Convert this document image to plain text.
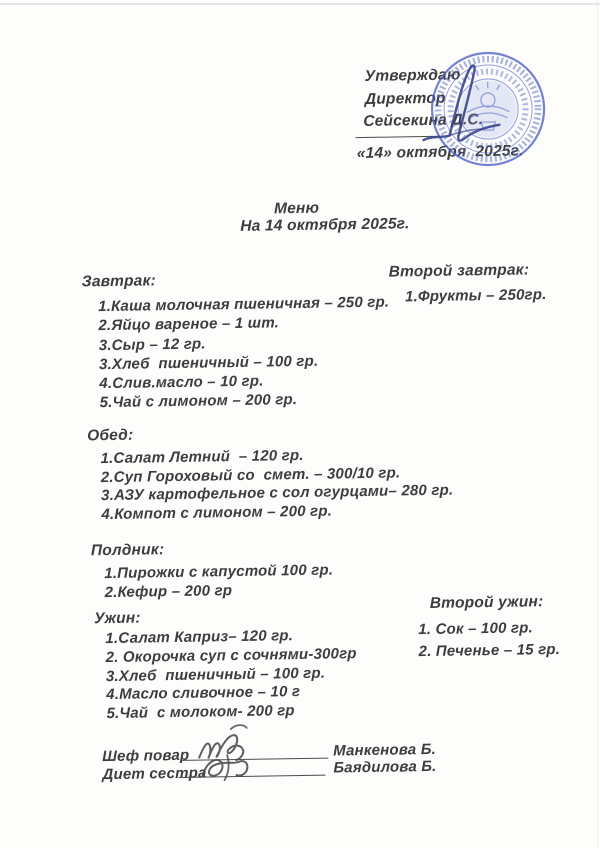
Утверждаю
Директор
Сейсекина Д.С.
«14» октября  2025г.
Меню
На 14 октября 2025г.
Завтрак:
1.Каша молочная пшеничная – 250 гр.
2.Яйцо вареное – 1 шт.
3.Сыр – 12 гр.
3.Хлеб  пшеничный – 100 гр.
4.Слив.масло – 10 гр.
5.Чай с лимоном – 200 гр.
Второй завтрак:
1.Фрукты – 250гр.
Обед:
1.Салат Летний  – 120 гр.
2.Суп Гороховый со  смет. – 300/10 гр.
3.АЗУ картофельное с сол огурцами– 280 гр.
4.Компот с лимоном – 200 гр.
Полдник:
1.Пирожки с капустой 100 гр.
2.Кефир – 200 гр
Ужин:
1.Салат Каприз– 120 гр.
2. Окорочка суп с сочнями-300гр
3.Хлеб  пшеничный – 100 гр.
4.Масло сливочное – 10 г
5.Чай  с молоком- 200 гр
Второй ужин:
1. Сок – 100 гр.
2. Печенье – 15 гр.
Шеф повар	Манкенова Б.
Диет сестра	Баядилова Б.
